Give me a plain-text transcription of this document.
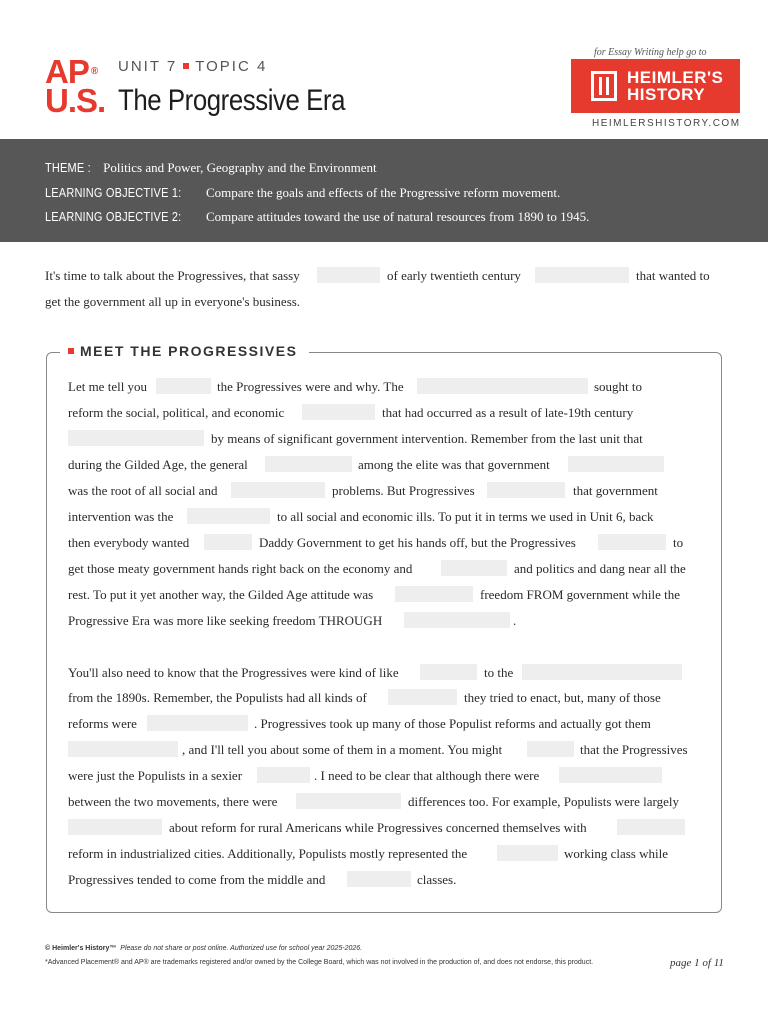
AP ®
U.S.
UNIT 7 TOPIC 4
The Progressive Era
for Essay Writing help go to
HEIMLER'S
HISTORY
HEIMLERSHISTORY.COM
THEME : Politics and Power, Geography and the Environment
LEARNING OBJECTIVE 1: Compare the goals and effects of the Progressive reform movement.
LEARNING OBJECTIVE 2: Compare attitudes toward the use of natural resources from 1890 to 1945.
It's time to talk about the Progressives, that sassy	of early twentieth century	that wanted to
get the government all up in everyone's business.
MEET THE PROGRESSIVES
Let me tell you	the Progressives were and why. The	sought to
reform the social, political, and economic	that had occurred as a result of late-19th century
by means of significant government intervention. Remember from the last unit that
during the Gilded Age, the general	among the elite was that government
was the root of all social and	problems. But Progressives	that government
intervention was the	to all social and economic ills. To put it in terms we used in Unit 6, back
then everybody wanted	Daddy Government to get his hands off, but the Progressives	to
get those meaty government hands right back on the economy and	and politics and dang near all the
rest. To put it yet another way, the Gilded Age attitude was	freedom FROM government while the
Progressive Era was more like seeking freedom THROUGH	.
You'll also need to know that the Progressives were kind of like	to the
from the 1890s. Remember, the Populists had all kinds of	they tried to enact, but, many of those
reforms were	. Progressives took up many of those Populist reforms and actually got them
, and I'll tell you about some of them in a moment. You might	that the Progressives
were just the Populists in a sexier	. I need to be clear that although there were
between the two movements, there were	differences too. For example, Populists were largely
about reform for rural Americans while Progressives concerned themselves with
reform in industrialized cities. Additionally, Populists mostly represented the	working class while
Progressives tended to come from the middle and	classes.
© Heimler's History™ Please do not share or post online. Authorized use for school year 2025-2026.
*Advanced Placement® and AP® are trademarks registered and/or owned by the College Board, which was not involved in the production of, and does not endorse, this product.	page 1 of 11
